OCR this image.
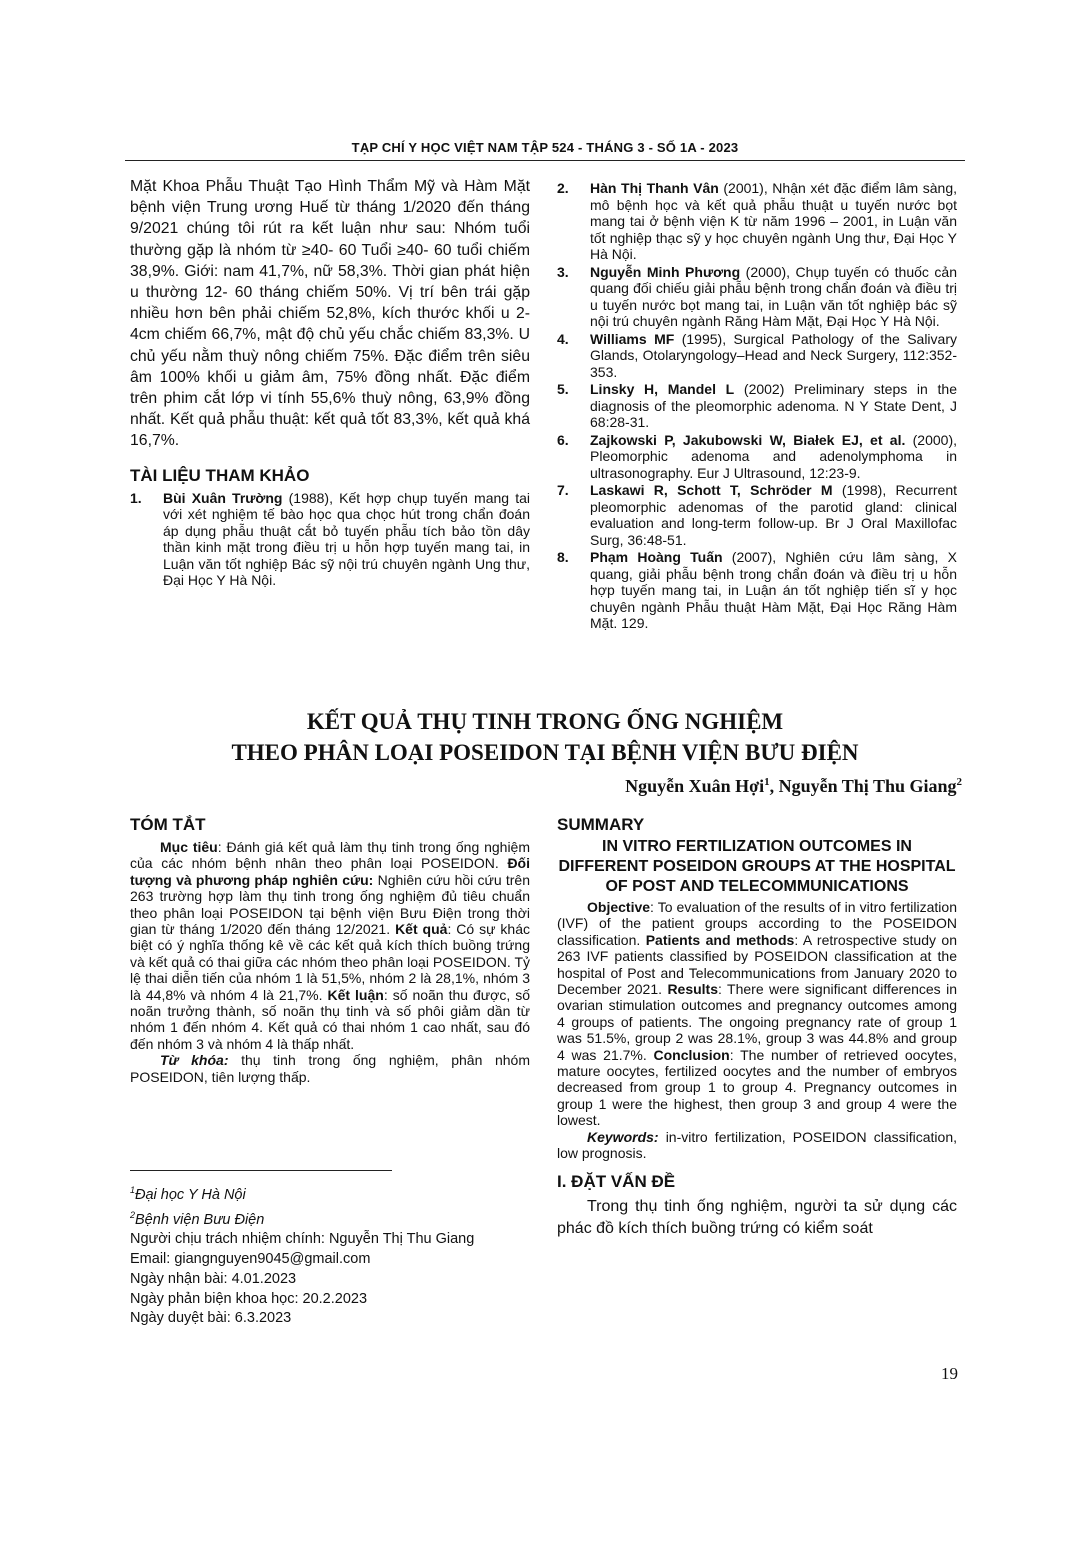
TẠP CHÍ Y HỌC VIỆT NAM TẬP 524 - THÁNG 3 - SỐ 1A - 2023

Mặt Khoa Phẫu Thuật Tạo Hình Thẩm Mỹ và Hàm Mặt bệnh viện Trung ương Huế từ tháng 1/2020 đến tháng 9/2021 chúng tôi rút ra kết luận như sau: Nhóm tuổi thường gặp là nhóm từ ≥40- 60 Tuổi ≥40- 60 tuổi chiếm 38,9%. Giới: nam 41,7%, nữ 58,3%. Thời gian phát hiện u thường 12- 60 tháng chiếm 50%. Vị trí bên trái gặp nhiều hơn bên phải chiếm 52,8%, kích thước khối u 2-4cm chiếm 66,7%, mật độ chủ yếu chắc chiếm 83,3%. U chủ yếu nằm thuỳ nông chiếm 75%. Đặc điểm trên siêu âm 100% khối u giảm âm, 75% đồng nhất. Đặc điểm trên phim cắt lớp vi tính 55,6% thuỳ nông, 63,9% đồng nhất. Kết quả phẫu thuật: kết quả tốt 83,3%, kết quả khá 16,7%.

TÀI LIỆU THAM KHẢO
1. Bùi Xuân Trường (1988), Kết hợp chụp tuyến mang tai với xét nghiệm tế bào học qua chọc hút trong chẩn đoán áp dụng phẫu thuật cắt bỏ tuyến phẫu tích bảo tồn dây thần kinh mặt trong điều trị u hỗn hợp tuyến mang tai, in Luận văn tốt nghiệp Bác sỹ nội trú chuyên ngành Ung thư, Đại Học Y Hà Nội.
2. Hàn Thị Thanh Vân (2001), Nhận xét đặc điểm lâm sàng, mô bệnh học và kết quả phẫu thuật u tuyến nước bọt mang tai ở bệnh viện K từ năm 1996 – 2001, in Luận văn tốt nghiệp thạc sỹ y học chuyên ngành Ung thư, Đại Học Y Hà Nội.
3. Nguyễn Minh Phương (2000), Chụp tuyến có thuốc cản quang đối chiếu giải phẫu bệnh trong chẩn đoán và điều trị u tuyến nước bọt mang tai, in Luận văn tốt nghiệp bác sỹ nội trú chuyên ngành Răng Hàm Mặt, Đại Học Y Hà Nội.
4. Williams MF (1995), Surgical Pathology of the Salivary Glands, Otolaryngology–Head and Neck Surgery, 112:352-353.
5. Linsky H, Mandel L (2002) Preliminary steps in the diagnosis of the pleomorphic adenoma. N Y State Dent, J 68:28-31.
6. Zajkowski P, Jakubowski W, Białek EJ, et al. (2000), Pleomorphic adenoma and adenolymphoma in ultrasonography. Eur J Ultrasound, 12:23-9.
7. Laskawi R, Schott T, Schröder M (1998), Recurrent pleomorphic adenomas of the parotid gland: clinical evaluation and long-term follow-up. Br J Oral Maxillofac Surg, 36:48-51.
8. Phạm Hoàng Tuấn (2007), Nghiên cứu lâm sàng, X quang, giải phẫu bệnh trong chẩn đoán và điều trị u hỗn hợp tuyến mang tai, in Luận án tốt nghiệp tiến sĩ y học chuyên ngành Phẫu thuật Hàm Mặt, Đại Học Răng Hàm Mặt. 129.
KẾT QUẢ THỤ TINH TRONG ỐNG NGHIỆM
THEO PHÂN LOẠI POSEIDON TẠI BỆNH VIỆN BƯU ĐIỆN
Nguyễn Xuân Hợi$^1$, Nguyễn Thị Thu Giang$^2$
TÓM TẮT

Mục tiêu: Đánh giá kết quả làm thụ tinh trong ống nghiệm của các nhóm bệnh nhân theo phân loại POSEIDON. Đối tượng và phương pháp nghiên cứu: Nghiên cứu hồi cứu trên 263 trường hợp làm thụ tinh trong ống nghiệm đủ tiêu chuẩn theo phân loại POSEIDON tại bệnh viện Bưu Điện trong thời gian từ tháng 1/2020 đến tháng 12/2021. Kết quả: Có sự khác biệt có ý nghĩa thống kê về các kết quả kích thích buồng trứng và kết quả có thai giữa các nhóm theo phân loại POSEIDON. Tỷ lệ thai diễn tiến của nhóm 1 là 51,5%, nhóm 2 là 28,1%, nhóm 3 là 44,8% và nhóm 4 là 21,7%. Kết luận: số noãn thu được, số noãn trưởng thành, số noãn thụ tinh và số phôi giảm dần từ nhóm 1 đến nhóm 4. Kết quả có thai nhóm 1 cao nhất, sau đó đến nhóm 3 và nhóm 4 là thấp nhất.

Từ khóa: thụ tinh trong ống nghiệm, phân nhóm POSEIDON, tiên lượng thấp.

$^1$Đại học Y Hà Nội
$^2$Bệnh viện Bưu Điện
Người chịu trách nhiệm chính: Nguyễn Thị Thu Giang
Email: giangnguyen9045@gmail.com
Ngày nhận bài: 4.01.2023
Ngày phản biện khoa học: 20.2.2023
Ngày duyệt bài: 6.3.2023
SUMMARY

IN VITRO FERTILIZATION OUTCOMES IN DIFFERENT POSEIDON GROUPS AT THE HOSPITAL OF POST AND TELECOMMUNICATIONS

Objective: To evaluation of the results of in vitro fertilization (IVF) of the patient groups according to the POSEIDON classification. Patients and methods: A retrospective study on 263 IVF patients classified by POSEIDON classification at the hospital of Post and Telecommunications from January 2020 to December 2021. Results: There were significant differences in ovarian stimulation outcomes and pregnancy outcomes among 4 groups of patients. The ongoing pregnancy rate of group 1 was 51.5%, group 2 was 28.1%, group 3 was 44.8% and group 4 was 21.7%. Conclusion: The number of retrieved oocytes, mature oocytes, fertilized oocytes and the number of embryos decreased from group 1 to group 4. Pregnancy outcomes in group 1 were the highest, then group 3 and group 4 were the lowest.

Keywords: in-vitro fertilization, POSEIDON classification, low prognosis.

I. ĐẶT VẤN ĐỀ

Trong thụ tinh ống nghiệm, người ta sử dụng các phác đồ kích thích buồng trứng có kiểm soát

19
